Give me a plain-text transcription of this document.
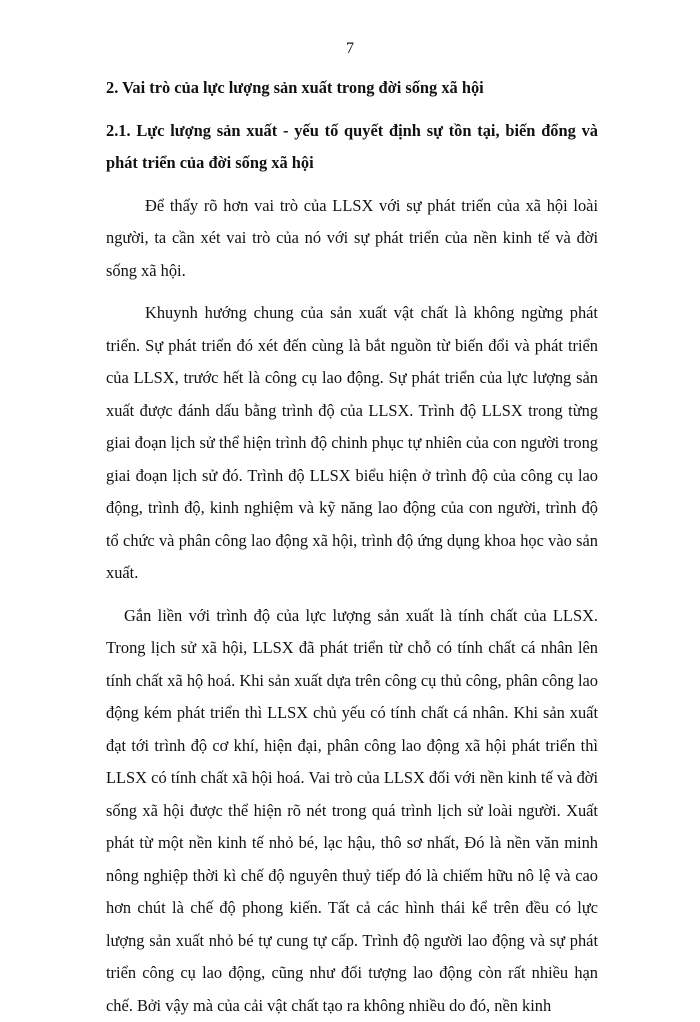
7

2. Vai trò của lực lượng sản xuất trong đời sống xã hội

2.1. Lực lượng sản xuất - yếu tố quyết định sự tồn tại, biến đổng và phát triển của đời sống xã hội

Để thấy rõ hơn vai trò của LLSX với sự phát triển của xã hội loài người, ta cần xét vai trò của nó với sự phát triển của nền kinh tế và đời sống xã hội.

Khuynh hướng chung của sản xuất vật chất là không ngừng phát triển. Sự phát triển đó xét đến cùng là bắt nguồn từ biến đổi và phát triển của LLSX, trước hết là công cụ lao động. Sự phát triển của lực lượng sản xuất được đánh dấu bằng trình độ của LLSX. Trình độ LLSX trong từng giai đoạn lịch sử thể hiện trình độ chinh phục tự nhiên của con người trong giai đoạn lịch sử đó. Trình độ LLSX biểu hiện ở trình độ của công cụ lao động, trình độ, kinh nghiệm và kỹ năng lao động của con người, trình độ tổ chức và phân công lao động xã hội, trình độ ứng dụng khoa học vào sản xuất.

Gắn liền với trình độ của lực lượng sản xuất là tính chất của LLSX. Trong lịch sử xã hội, LLSX đã phát triển từ chỗ có tính chất cá nhân lên tính chất xã hộ hoá. Khi sản xuất dựa trên công cụ thủ công, phân công lao động kém phát triển thì LLSX chủ yếu có tính chất cá nhân. Khi sản xuất đạt tới trình độ cơ khí, hiện đại, phân công lao động xã hội phát triển thì LLSX có tính chất xã hội hoá. Vai trò của LLSX đối với nền kinh tế và đời sống xã hội được thể hiện rõ nét trong quá trình lịch sử loài người. Xuất phát từ một nền kinh tế nhỏ bé, lạc hậu, thô sơ nhất, Đó là nền văn minh nông nghiệp thời kì chế độ nguyên thuỷ tiếp đó là chiếm hữu nô lệ và cao hơn chút là chế độ phong kiến. Tất cả các hình thái kể trên đều có lực lượng sản xuất nhỏ bé tự cung tự cấp. Trình độ người lao động và sự phát triển công cụ lao động, cũng như đối tượng lao động còn rất nhiều hạn chế. Bởi vậy mà của cải vật chất tạo ra không nhiều do đó, nền kinh
